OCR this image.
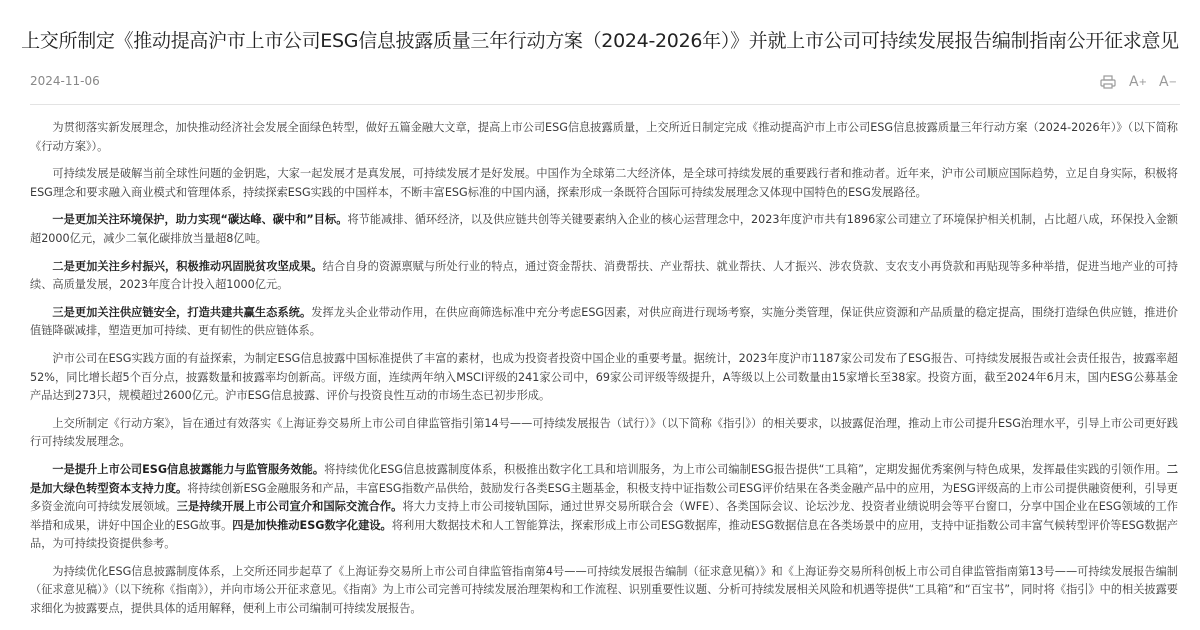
上交所制定《推动提高沪市上市公司ESG信息披露质量三年行动方案（2024-2026年）》并就上市公司可持续发展报告编制指南公开征求意见
2024-11-06	A + A −

为贯彻落实新发展理念，加快推动经济社会发展全面绿色转型，做好五篇金融大文章，提高上市公司ESG信息披露质量，上交所近日制定完成《推动提高沪市上市公司ESG信息披露质量三年行动方案（2024-2026年）》（以下简称《行动方案》）。

可持续发展是破解当前全球性问题的金钥匙，大家一起发展才是真发展，可持续发展才是好发展。中国作为全球第二大经济体，是全球可持续发展的重要践行者和推动者。近年来，沪市公司顺应国际趋势，立足自身实际，积极将ESG理念和要求融入商业模式和管理体系，持续探索ESG实践的中国样本，不断丰富ESG标准的中国内涵，探索形成一条既符合国际可持续发展理念又体现中国特色的ESG发展路径。

一是更加关注环境保护，助力实现“碳达峰、碳中和”目标。将节能减排、循环经济，以及供应链共创等关键要素纳入企业的核心运营理念中，2023年度沪市共有1896家公司建立了环境保护相关机制，占比超八成，环保投入金额超2000亿元，减少二氧化碳排放当量超8亿吨。

二是更加关注乡村振兴，积极推动巩固脱贫攻坚成果。结合自身的资源禀赋与所处行业的特点，通过资金帮扶、消费帮扶、产业帮扶、就业帮扶、人才振兴、涉农贷款、支农支小再贷款和再贴现等多种举措，促进当地产业的可持续、高质量发展，2023年度合计投入超1000亿元。

三是更加关注供应链安全，打造共建共赢生态系统。发挥龙头企业带动作用，在供应商筛选标准中充分考虑ESG因素，对供应商进行现场考察，实施分类管理，保证供应资源和产品质量的稳定提高，围绕打造绿色供应链，推进价值链降碳减排，塑造更加可持续、更有韧性的供应链体系。

沪市公司在ESG实践方面的有益探索，为制定ESG信息披露中国标准提供了丰富的素材，也成为投资者投资中国企业的重要考量。据统计，2023年度沪市1187家公司发布了ESG报告、可持续发展报告或社会责任报告，披露率超52%，同比增长超5个百分点，披露数量和披露率均创新高。评级方面，连续两年纳入MSCI评级的241家公司中，69家公司评级等级提升，A等级以上公司数量由15家增长至38家。投资方面，截至2024年6月末，国内ESG公募基金产品达到273只，规模超过2600亿元。沪市ESG信息披露、评价与投资良性互动的市场生态已初步形成。

上交所制定《行动方案》，旨在通过有效落实《上海证券交易所上市公司自律监管指引第14号——可持续发展报告（试行）》（以下简称《指引》）的相关要求，以披露促治理，推动上市公司提升ESG治理水平，引导上市公司更好践行可持续发展理念。

一是提升上市公司ESG信息披露能力与监管服务效能。将持续优化ESG信息披露制度体系，积极推出数字化工具和培训服务，为上市公司编制ESG报告提供“工具箱”，定期发掘优秀案例与特色成果，发挥最佳实践的引领作用。二是加大绿色转型资本支持力度。将持续创新ESG金融服务和产品，丰富ESG指数产品供给，鼓励发行各类ESG主题基金，积极支持中证指数公司ESG评价结果在各类金融产品中的应用，为ESG评级高的上市公司提供融资便利，引导更多资金流向可持续发展领域。三是持续开展上市公司宣介和国际交流合作。将大力支持上市公司接轨国际，通过世界交易所联合会（WFE）、各类国际会议、论坛沙龙、投资者业绩说明会等平台窗口，分享中国企业在ESG领域的工作举措和成果，讲好中国企业的ESG故事。四是加快推动ESG数字化建设。将利用大数据技术和人工智能算法，探索形成上市公司ESG数据库，推动ESG数据信息在各类场景中的应用，支持中证指数公司丰富气候转型评价等ESG数据产品，为可持续投资提供参考。

为持续优化ESG信息披露制度体系，上交所还同步起草了《上海证券交易所上市公司自律监管指南第4号——可持续发展报告编制（征求意见稿）》和《上海证券交易所科创板上市公司自律监管指南第13号——可持续发展报告编制（征求意见稿）》（以下统称《指南》），并向市场公开征求意见。《指南》为上市公司完善可持续发展治理架构和工作流程、识别重要性议题、分析可持续发展相关风险和机遇等提供“工具箱”和“百宝书”，同时将《指引》中的相关披露要求细化为披露要点，提供具体的适用解释，便利上市公司编制可持续发展报告。
